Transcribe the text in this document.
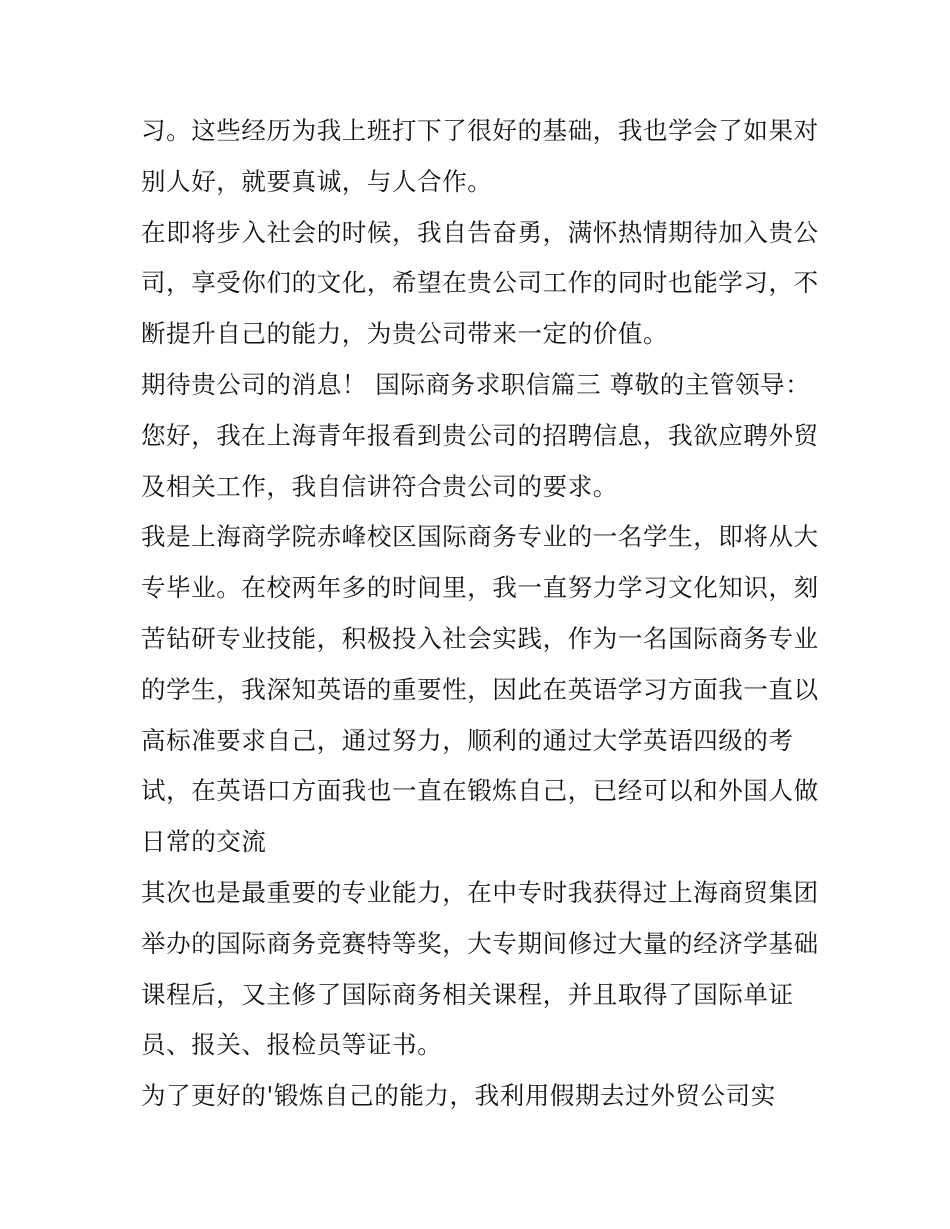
习。这些经历为我上班打下了很好的基础，我也学会了如果对
别人好，就要真诚，与人合作。
在即将步入社会的时候，我自告奋勇，满怀热情期待加入贵公
司，享受你们的文化，希望在贵公司工作的同时也能学习，不
断提升自己的能力，为贵公司带来一定的价值。
期待贵公司的消息！ 国际商务求职信篇三 尊敬的主管领导：
您好，我在上海青年报看到贵公司的招聘信息，我欲应聘外贸
及相关工作，我自信讲符合贵公司的要求。
我是上海商学院赤峰校区国际商务专业的一名学生，即将从大
专毕业。在校两年多的时间里，我一直努力学习文化知识，刻
苦钻研专业技能，积极投入社会实践，作为一名国际商务专业
的学生，我深知英语的重要性，因此在英语学习方面我一直以
高标准要求自己，通过努力，顺利的通过大学英语四级的考
试，在英语口方面我也一直在锻炼自己，已经可以和外国人做
日常的交流
其次也是最重要的专业能力，在中专时我获得过上海商贸集团
举办的国际商务竞赛特等奖，大专期间修过大量的经济学基础
课程后，又主修了国际商务相关课程，并且取得了国际单证
员、报关、报检员等证书。
为了更好的'锻炼自己的能力，我利用假期去过外贸公司实
